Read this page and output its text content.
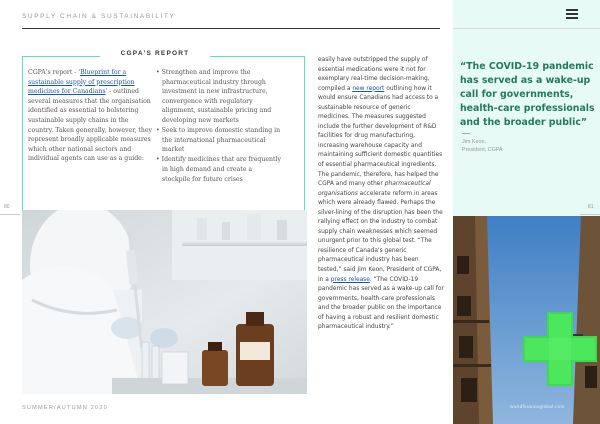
SUPPLY CHAIN & SUSTAINABILITY
“The COVID-19 pandemic has served as a wake-up call for governments, health-care professionals and the broader public”
Jim Keon,
President, CGPA
CGPA'S REPORT
CGPA's report - 'Blueprint for a sustainable supply of prescription medicines for Canadians' - outlined several measures that the organisation identified as essential to bolstering sustainable supply chains in the country. Taken generally, however, they represent broadly applicable measures which other national sectors and individual agents can use as a guide:
• Strengthen and improve the pharmaceutical industry through investment in new infrastructure, convergence with regulatory alignment, sustainable pricing and developing new markets
• Seek to improve domestic standing in the international pharmaceutical market
• Identify medicines that are frequently in high demand and create a stockpile for future crises
80	81
easily have outstripped the supply of essential medications were it not for exemplary real-time decision-making, compiled a new report outlining how it would ensure Canadians had access to a sustainable resource of generic medicines. The measures suggested include the further development of R&D facilities for drug manufacturing, increasing warehouse capacity and maintaining sufficient domestic quantities of essential pharmaceutical ingredients. The pandemic, therefore, has helped the CGPA and many other pharmaceutical organisations accelerate reform in areas which were already flawed. Perhaps the silver-lining of the disruption has been the rallying effect on the industry to combat supply chain weaknesses which seemed unurgent prior to this global test. “The resilience of Canada's generic pharmaceutical industry has been tested,” said Jim Keon, President of CGPA, in a press release. “The COVID-19 pandemic has served as a wake-up call for governments, health-care professionals and the broader public on the importance of having a robust and resilient domestic pharmaceutical industry.”
worldfinanceglobal.com
SUMMER/AUTUMN 2020
